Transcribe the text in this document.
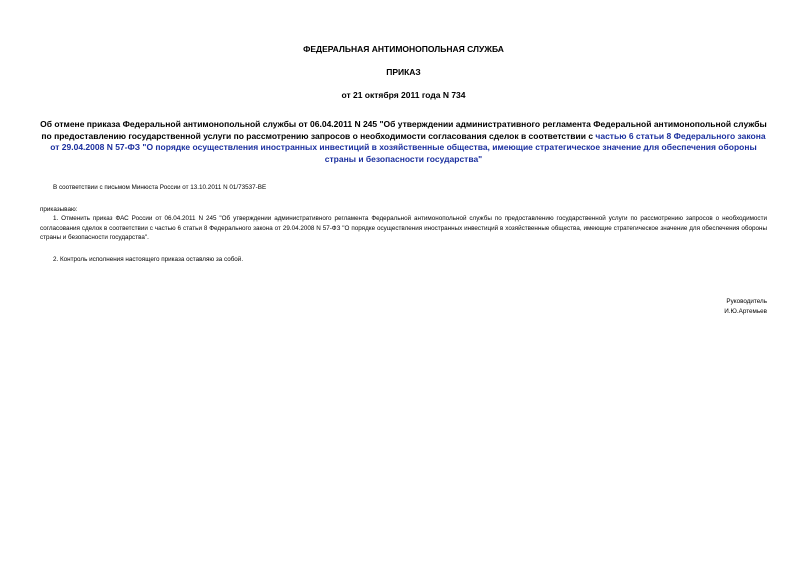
ФЕДЕРАЛЬНАЯ АНТИМОНОПОЛЬНАЯ СЛУЖБА
ПРИКАЗ
от 21 октября 2011 года N 734
Об отмене приказа Федеральной антимонопольной службы от 06.04.2011 N 245 "Об утверждении административного регламента Федеральной антимонопольной службы по предоставлению государственной услуги по рассмотрению запросов о необходимости согласования сделок в соответствии с частью 6 статьи 8 Федерального закона от 29.04.2008 N 57-ФЗ "О порядке осуществления иностранных инвестиций в хозяйственные общества, имеющие стратегическое значение для обеспечения обороны страны и безопасности государства"
В соответствии с письмом Минюста России от 13.10.2011 N 01/73537-ВЕ
приказываю:
1. Отменить приказ ФАС России от 06.04.2011 N 245 "Об утверждении административного регламента Федеральной антимонопольной службы по предоставлению государственной услуги по рассмотрению запросов о необходимости согласования сделок в соответствии с частью 6 статьи 8 Федерального закона от 29.04.2008 N 57-ФЗ "О порядке осуществления иностранных инвестиций в хозяйственные общества, имеющие стратегическое значение для обеспечения обороны страны и безопасности государства".
2. Контроль исполнения настоящего приказа оставляю за собой.
Руководитель
И.Ю.Артемьев
